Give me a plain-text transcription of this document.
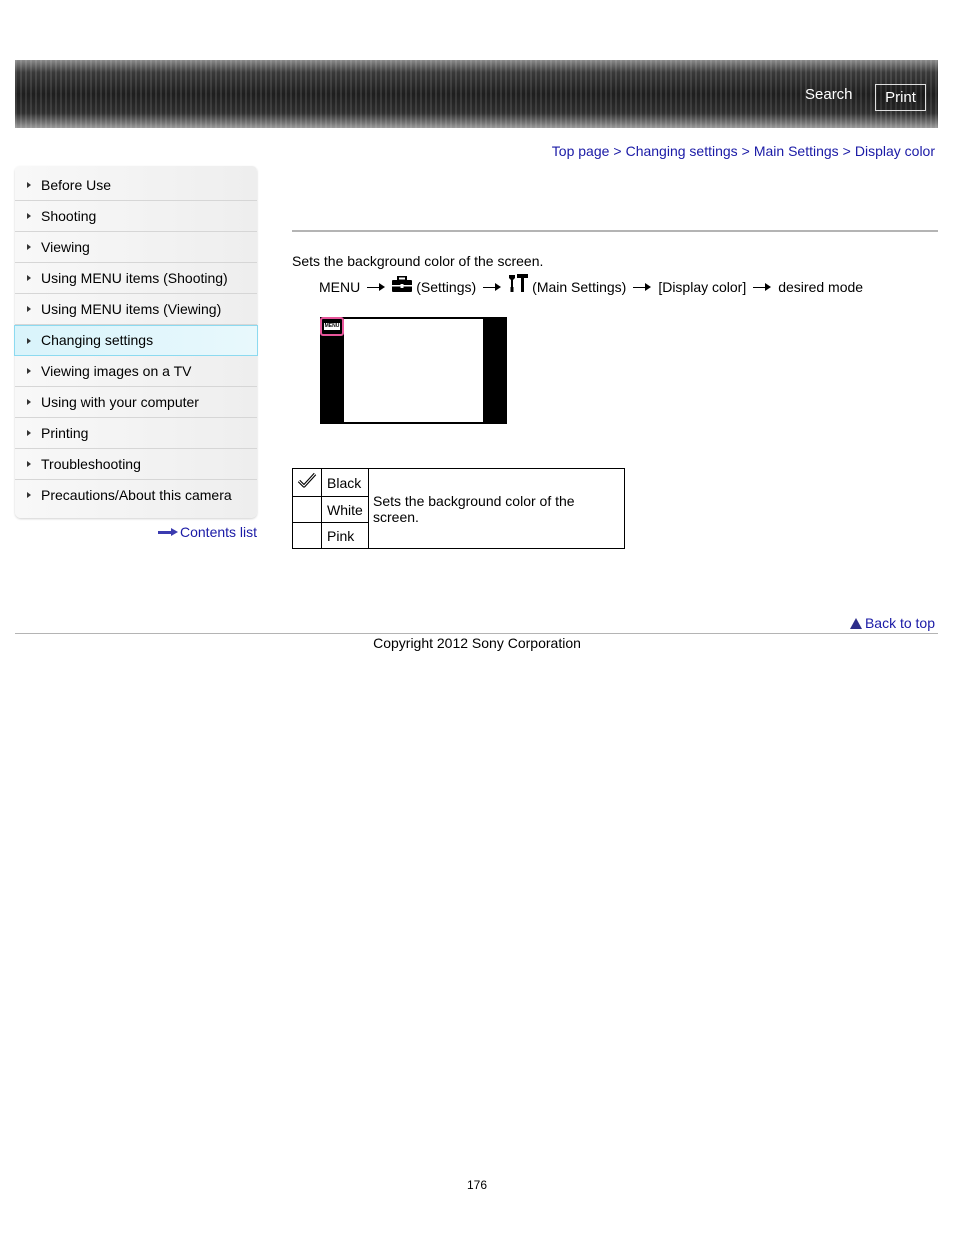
Search	Print
Top page > Changing settings > Main Settings > Display color
Before Use
Shooting
Viewing
Using MENU items (Shooting)
Using MENU items (Viewing)
Changing settings
Viewing images on a TV
Using with your computer
Printing
Troubleshooting
Precautions/About this camera
Contents list
Sets the background color of the screen.
MENU	(Settings)	(Main Settings) [Display color] desired mode
MENU
	Black	Sets the background color of the screen.
	White	
	Pink	
Back to top
Copyright 2012 Sony Corporation
176
